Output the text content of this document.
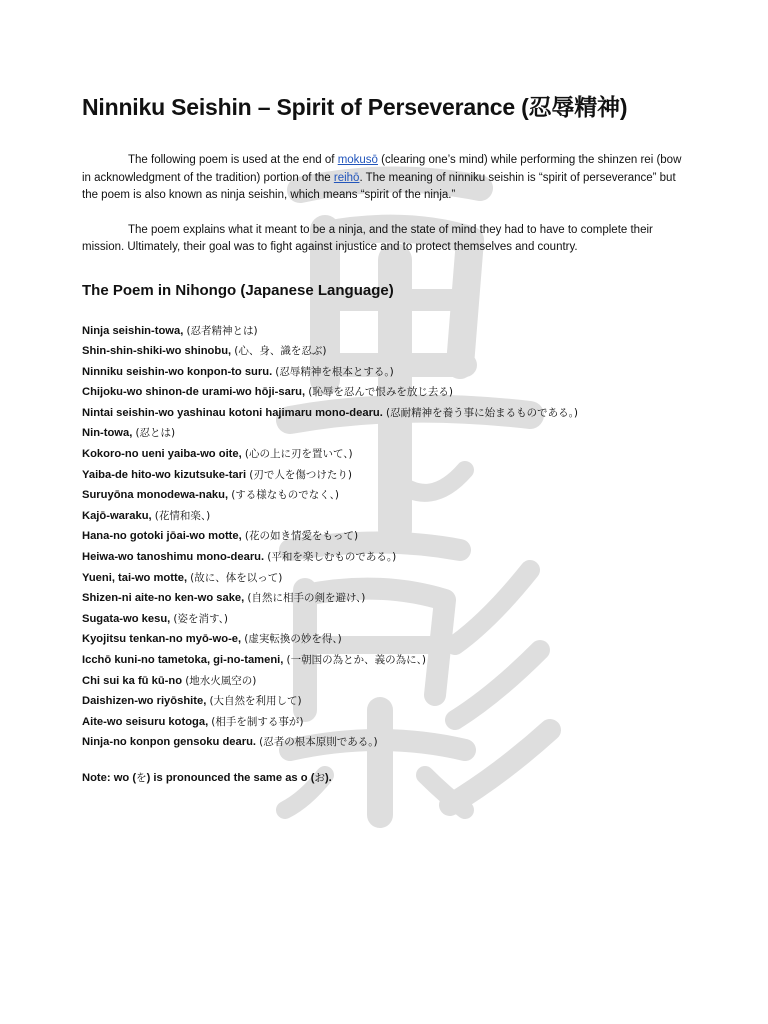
Ninniku Seishin – Spirit of Perseverance (忍辱精神)

The following poem is used at the end of mokusō (clearing one’s mind) while performing the shinzen rei (bow in acknowledgment of the tradition) portion of the reihō. The meaning of ninniku seishin is “spirit of perseverance” but the poem is also known as ninja seishin, which means “spirit of the ninja.”

The poem explains what it meant to be a ninja, and the state of mind they had to have to complete their mission. Ultimately, their goal was to fight against injustice and to protect themselves and country.

The Poem in Nihongo (Japanese Language)
Ninja seishin-towa, (忍者精神とは)
Shin-shin-shiki-wo shinobu, (心、身、識を忍ぶ)
Ninniku seishin-wo konpon-to suru. (忍辱精神を根本とする。)
Chijoku-wo shinon-de urami-wo hōji-saru, (恥辱を忍んで恨みを放じ去る)
Nintai seishin-wo yashinau kotoni hajimaru mono-dearu. (忍耐精神を養う事に始まるものである。)
Nin-towa, (忍とは)
Kokoro-no ueni yaiba-wo oite, (心の上に刃を置いて、)
Yaiba-de hito-wo kizutsuke-tari (刃で人を傷つけたり)
Suruyōna monodewa-naku, (する様なものでなく、)
Kajō-waraku, (花情和楽、)
Hana-no gotoki jōai-wo motte, (花の如き情愛をもって)
Heiwa-wo tanoshimu mono-dearu. (平和を楽しむものである。)
Yueni, tai-wo motte, (故に、体を以って)
Shizen-ni aite-no ken-wo sake, (自然に相手の剣を避け、)
Sugata-wo kesu, (姿を消す、)
Kyojitsu tenkan-no myō-wo-e, (虚実転換の妙を得、)
Icchō kuni-no tametoka, gi-no-tameni, (一朝国の為とか、義の為に、)
Chi sui ka fū kū-no (地水火風空の)
Daishizen-wo riyōshite, (大自然を利用して)
Aite-wo seisuru kotoga, (相手を制する事が)
Ninja-no konpon gensoku dearu. (忍者の根本原則である。)

Note: wo (を) is pronounced the same as o (お).
